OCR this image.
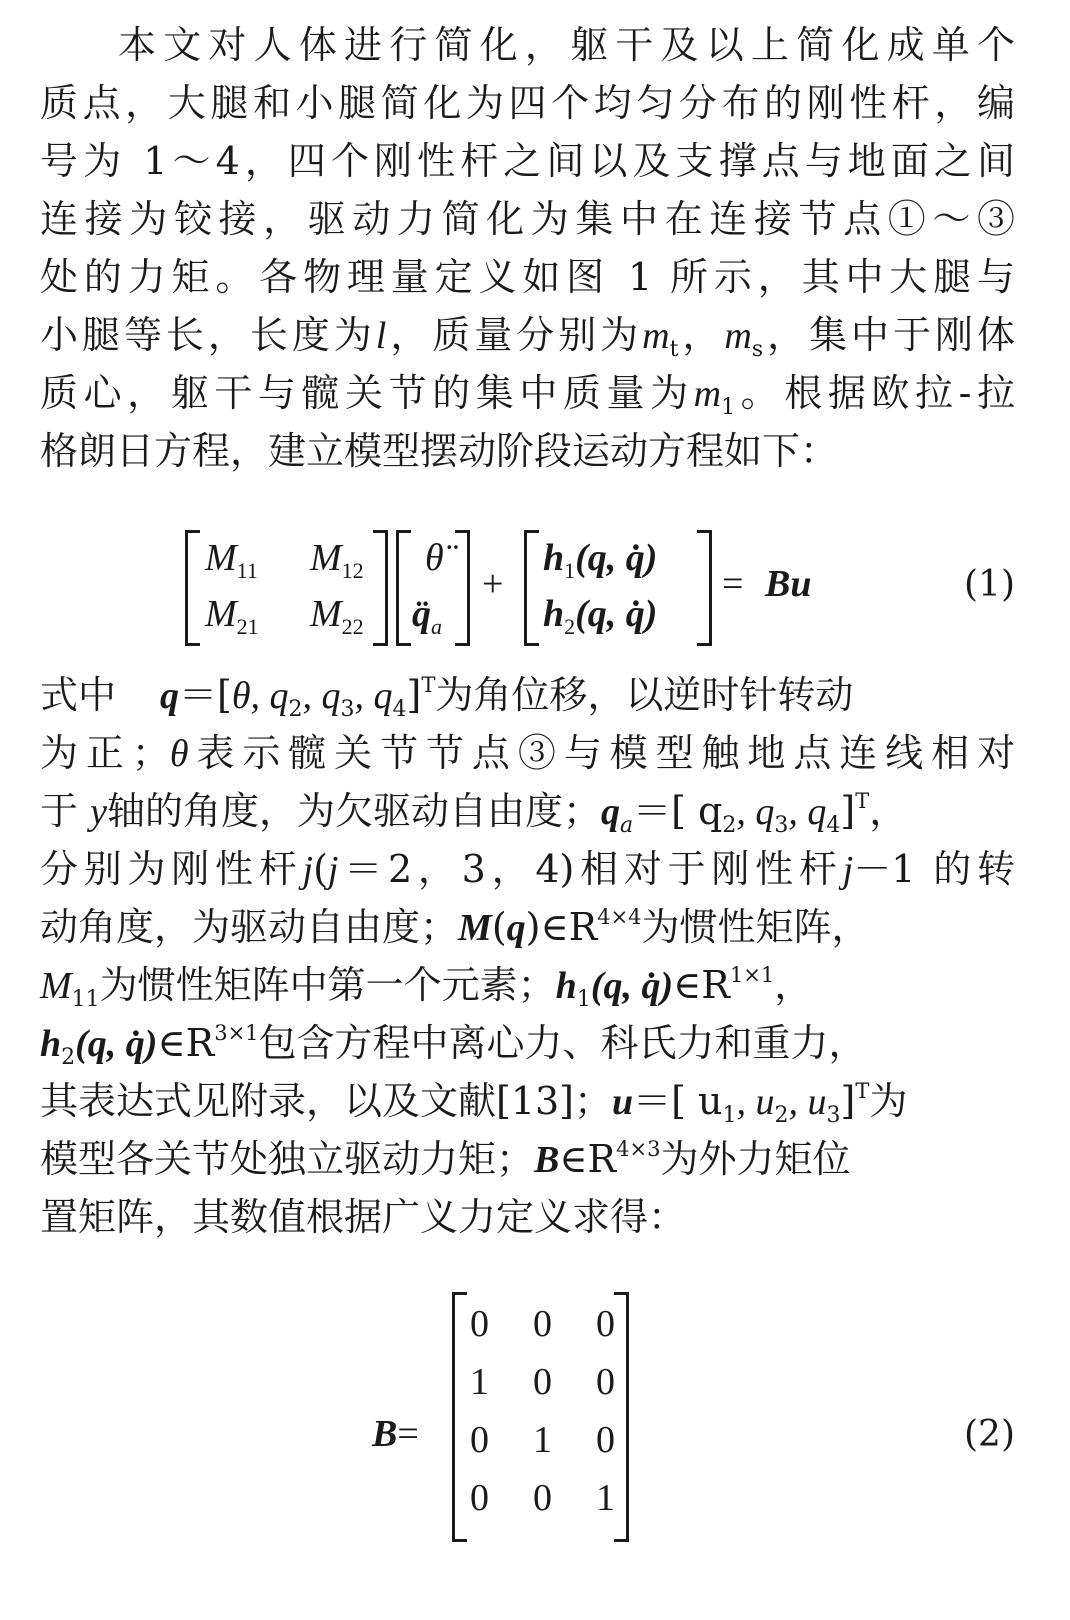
本文对人体进行简化，躯干及以上简化成单个
质点，大腿和小腿简化为四个均匀分布的刚性杆，编
号为 1～4，四个刚性杆之间以及支撑点与地面之间
连接为铰接，驱动力简化为集中在连接节点①～③
处的力矩。各物理量定义如图 1 所示，其中大腿与
小腿等长，长度为l，质量分别为$m_t$，$m_s$，集中于刚体
质心，躯干与髋关节的集中质量为$m_1$。根据欧拉-拉
格朗日方程，建立模型摆动阶段运动方程如下：
$M_{11}$ $M_{12}$
$M_{21}$ $M_{22}$
θ̈
$q̈_a$
+
$h_1(q$, q̇)
$h_2(q$, q̇)
= Bu	(1)
式中 q＝[θ, $q_2$, $q_3$, $q_4]^T$为角位移，以逆时针转动
为正；θ表示髋关节节点③与模型触地点连线相对
于 y轴的角度，为欠驱动自由度；$q_a=$[ $q_2$, $q_3$, $q_4]^T$，
分别为刚性杆j(j＝2，3，4)相对于刚性杆j－1 的转
动角度，为驱动自由度；$M(q)\in R^{4\times 4}$为惯性矩阵，
$M_{11}$为惯性矩阵中第一个元素；$h_1(q$, $q̇)\in R^{1\times 1}$，
$h_2(q$, $q̇)\in R^{3\times 1}$包含方程中离心力、科氏力和重力，
其表达式见附录，以及文献[13]；u＝[ $u_1$, $u_2$, $u_3]^T$为
模型各关节处独立驱动力矩；$B\in R^{4\times 3}$为外力矩位
置矩阵，其数值根据广义力定义求得：
B=
0 0 0
1 0 0
0 1 0
0 0 1
(2)
